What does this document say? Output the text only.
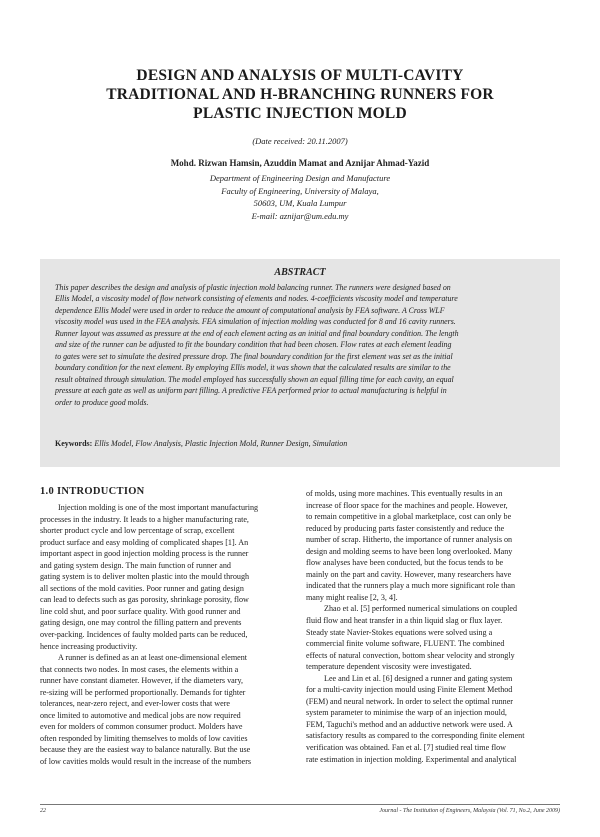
DESIGN AND ANALYSIS OF MULTI-CAVITY
TRADITIONAL AND H-BRANCHING RUNNERS FOR
PLASTIC INJECTION MOLD
(Date received: 20.11.2007)
Mohd. Rizwan Hamsin, Azuddin Mamat and Aznijar Ahmad-Yazid
Department of Engineering Design and Manufacture
Faculty of Engineering, University of Malaya,
50603, UM, Kuala Lumpur
E-mail: aznijar@um.edu.my
ABSTRACT
This paper describes the design and analysis of plastic injection mold balancing runner. The runners were designed based on
Ellis Model, a viscosity model of flow network consisting of elements and nodes. 4-coefficients viscosity model and temperature
dependence Ellis Model were used in order to reduce the amount of computational analysis by FEA software. A Cross WLF
viscosity model was used in the FEA analysis. FEA simulation of injection molding was conducted for 8 and 16 cavity runners.
Runner layout was assumed as pressure at the end of each element acting as an initial and final boundary condition. The length
and size of the runner can be adjusted to fit the boundary condition that had been chosen. Flow rates at each element leading
to gates were set to simulate the desired pressure drop. The final boundary condition for the first element was set as the initial
boundary condition for the next element. By employing Ellis model, it was shown that the calculated results are similar to the
result obtained through simulation. The model employed has successfully shown an equal filling time for each cavity, an equal
pressure at each gate as well as uniform part filling. A predictive FEA performed prior to actual manufacturing is helpful in
order to produce good molds.
Keywords: Ellis Model, Flow Analysis, Plastic Injection Mold, Runner Design, Simulation
1.0 INTRODUCTION
Injection molding is one of the most important manufacturing
processes in the industry. It leads to a higher manufacturing rate,
shorter product cycle and low percentage of scrap, excellent
product surface and easy molding of complicated shapes [1]. An
important aspect in good injection molding process is the runner
and gating system design. The main function of runner and
gating system is to deliver molten plastic into the mould through
all sections of the mold cavities. Poor runner and gating design
can lead to defects such as gas porosity, shrinkage porosity, flow
line cold shut, and poor surface quality. With good runner and
gating design, one may control the filling pattern and prevents
over-packing. Incidences of faulty molded parts can be reduced,
hence increasing productivity.
A runner is defined as an at least one-dimensional element
that connects two nodes. In most cases, the elements within a
runner have constant diameter. However, if the diameters vary,
re-sizing will be performed proportionally. Demands for tighter
tolerances, near-zero reject, and ever-lower costs that were
once limited to automotive and medical jobs are now required
even for molders of common consumer product. Molders have
often responded by limiting themselves to molds of low cavities
because they are the easiest way to balance naturally. But the use
of low cavities molds would result in the increase of the numbers
of molds, using more machines. This eventually results in an
increase of floor space for the machines and people. However,
to remain competitive in a global marketplace, cost can only be
reduced by producing parts faster consistently and reduce the
number of scrap. Hitherto, the importance of runner analysis on
design and molding seems to have been long overlooked. Many
flow analyses have been conducted, but the focus tends to be
mainly on the part and cavity. However, many researchers have
indicated that the runners play a much more significant role than
many might realise [2, 3, 4].
Zhao et al. [5] performed numerical simulations on coupled
fluid flow and heat transfer in a thin liquid slag or flux layer.
Steady state Navier-Stokes equations were solved using a
commercial finite volume software, FLUENT. The combined
effects of natural convection, bottom shear velocity and strongly
temperature dependent viscosity were investigated.
Lee and Lin et al. [6] designed a runner and gating system
for a multi-cavity injection mould using Finite Element Method
(FEM) and neural network. In order to select the optimal runner
system parameter to minimise the warp of an injection mould,
FEM, Taguchi's method and an adductive network were used. A
satisfactory results as compared to the corresponding finite element
verification was obtained. Fan et al. [7] studied real time flow
rate estimation in injection molding. Experimental and analytical
22	Journal - The Institution of Engineers, Malaysia (Vol. 71, No.2, June 2009)
